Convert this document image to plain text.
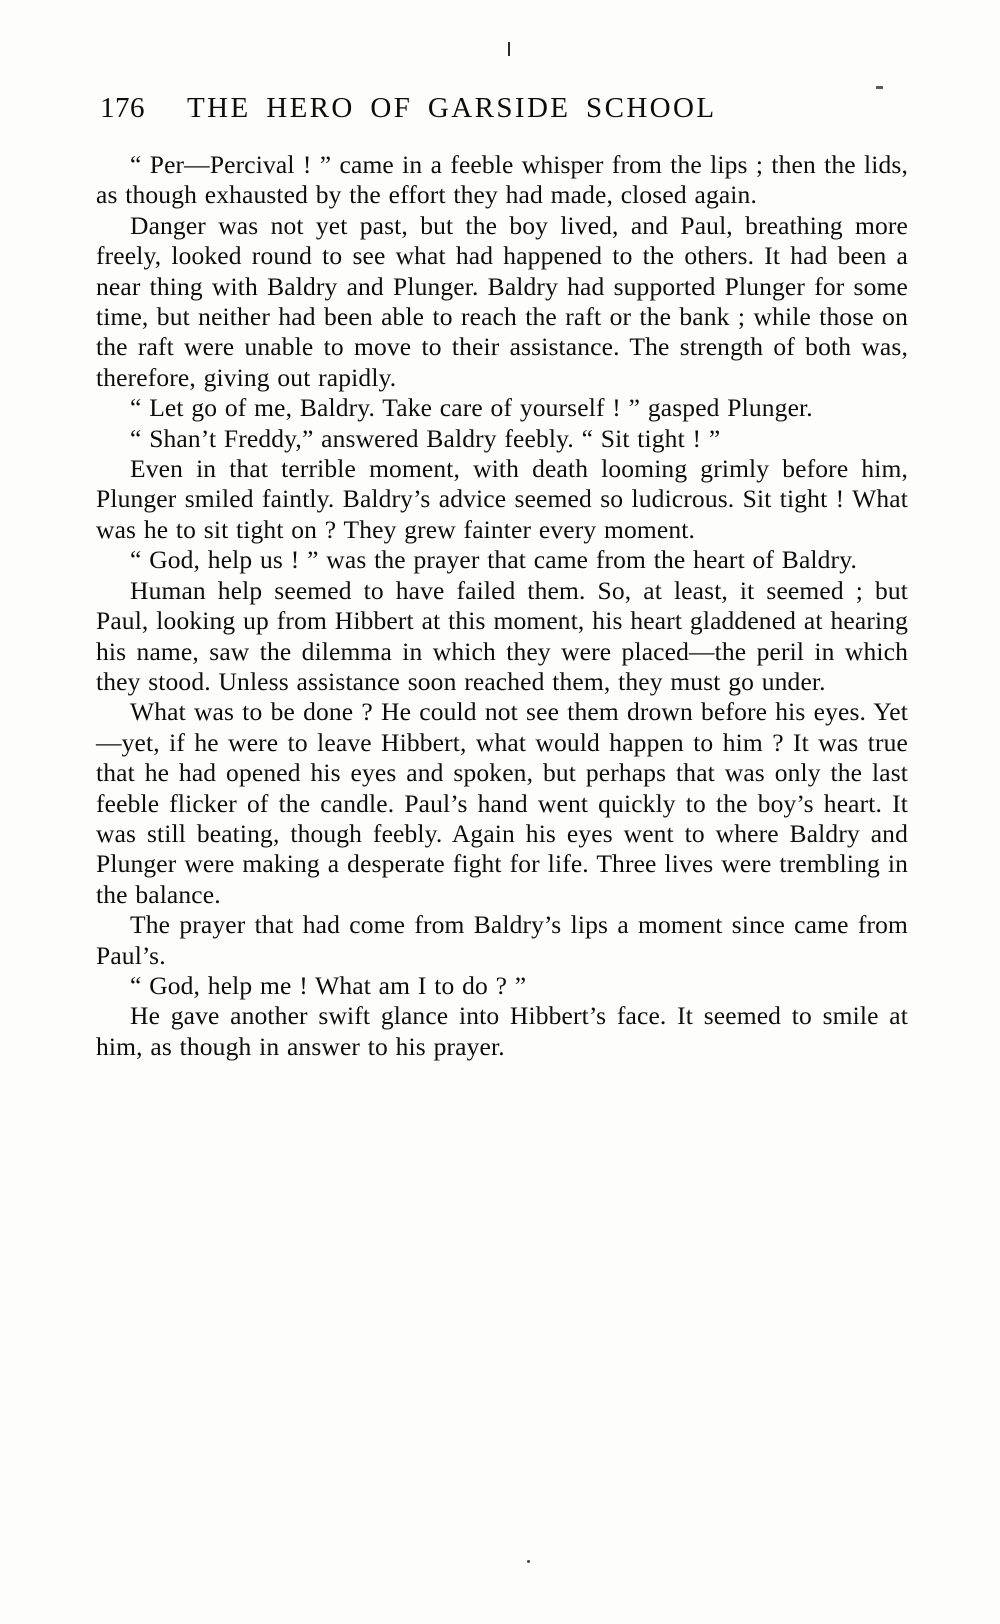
176 THE HERO OF GARSIDE SCHOOL

“ Per—Percival ! ” came in a feeble whisper from the lips ; then the lids, as though exhausted by the effort they had made, closed again.

Danger was not yet past, but the boy lived, and Paul, breathing more freely, looked round to see what had happened to the others. It had been a near thing with Baldry and Plunger. Baldry had supported Plunger for some time, but neither had been able to reach the raft or the bank ; while those on the raft were unable to move to their assistance. The strength of both was, therefore, giving out rapidly.

“ Let go of me, Baldry. Take care of yourself ! ” gasped Plunger.

“ Shan’t Freddy,” answered Baldry feebly. “ Sit tight ! ”

Even in that terrible moment, with death looming grimly before him, Plunger smiled faintly. Baldry’s advice seemed so ludicrous. Sit tight ! What was he to sit tight on ? They grew fainter every moment.

“ God, help us ! ” was the prayer that came from the heart of Baldry.

Human help seemed to have failed them. So, at least, it seemed ; but Paul, looking up from Hibbert at this moment, his heart gladdened at hearing his name, saw the dilemma in which they were placed—the peril in which they stood. Unless assistance soon reached them, they must go under.

What was to be done ? He could not see them drown before his eyes. Yet—yet, if he were to leave Hibbert, what would happen to him ? It was true that he had opened his eyes and spoken, but perhaps that was only the last feeble flicker of the candle. Paul’s hand went quickly to the boy’s heart. It was still beating, though feebly. Again his eyes went to where Baldry and Plunger were making a desperate fight for life. Three lives were trembling in the balance.

The prayer that had come from Baldry’s lips a moment since came from Paul’s.

“ God, help me ! What am I to do ? ”

He gave another swift glance into Hibbert’s face. It seemed to smile at him, as though in answer to his prayer.
